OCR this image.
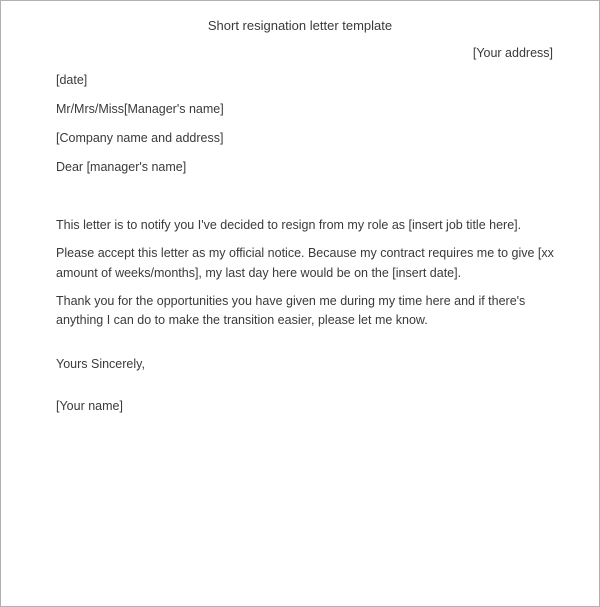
Short resignation letter template
[Your address]
[date]
Mr/Mrs/Miss[Manager's name]
[Company name and address]
Dear [manager's name]

This letter is to notify you I've decided to resign from my role as [insert job title here].

Please accept this letter as my official notice. Because my contract requires me to give [xx amount of weeks/months], my last day here would be on the [insert date].

Thank you for the opportunities you have given me during my time here and if there's anything I can do to make the transition easier, please let me know.

Yours Sincerely,
[Your name]
